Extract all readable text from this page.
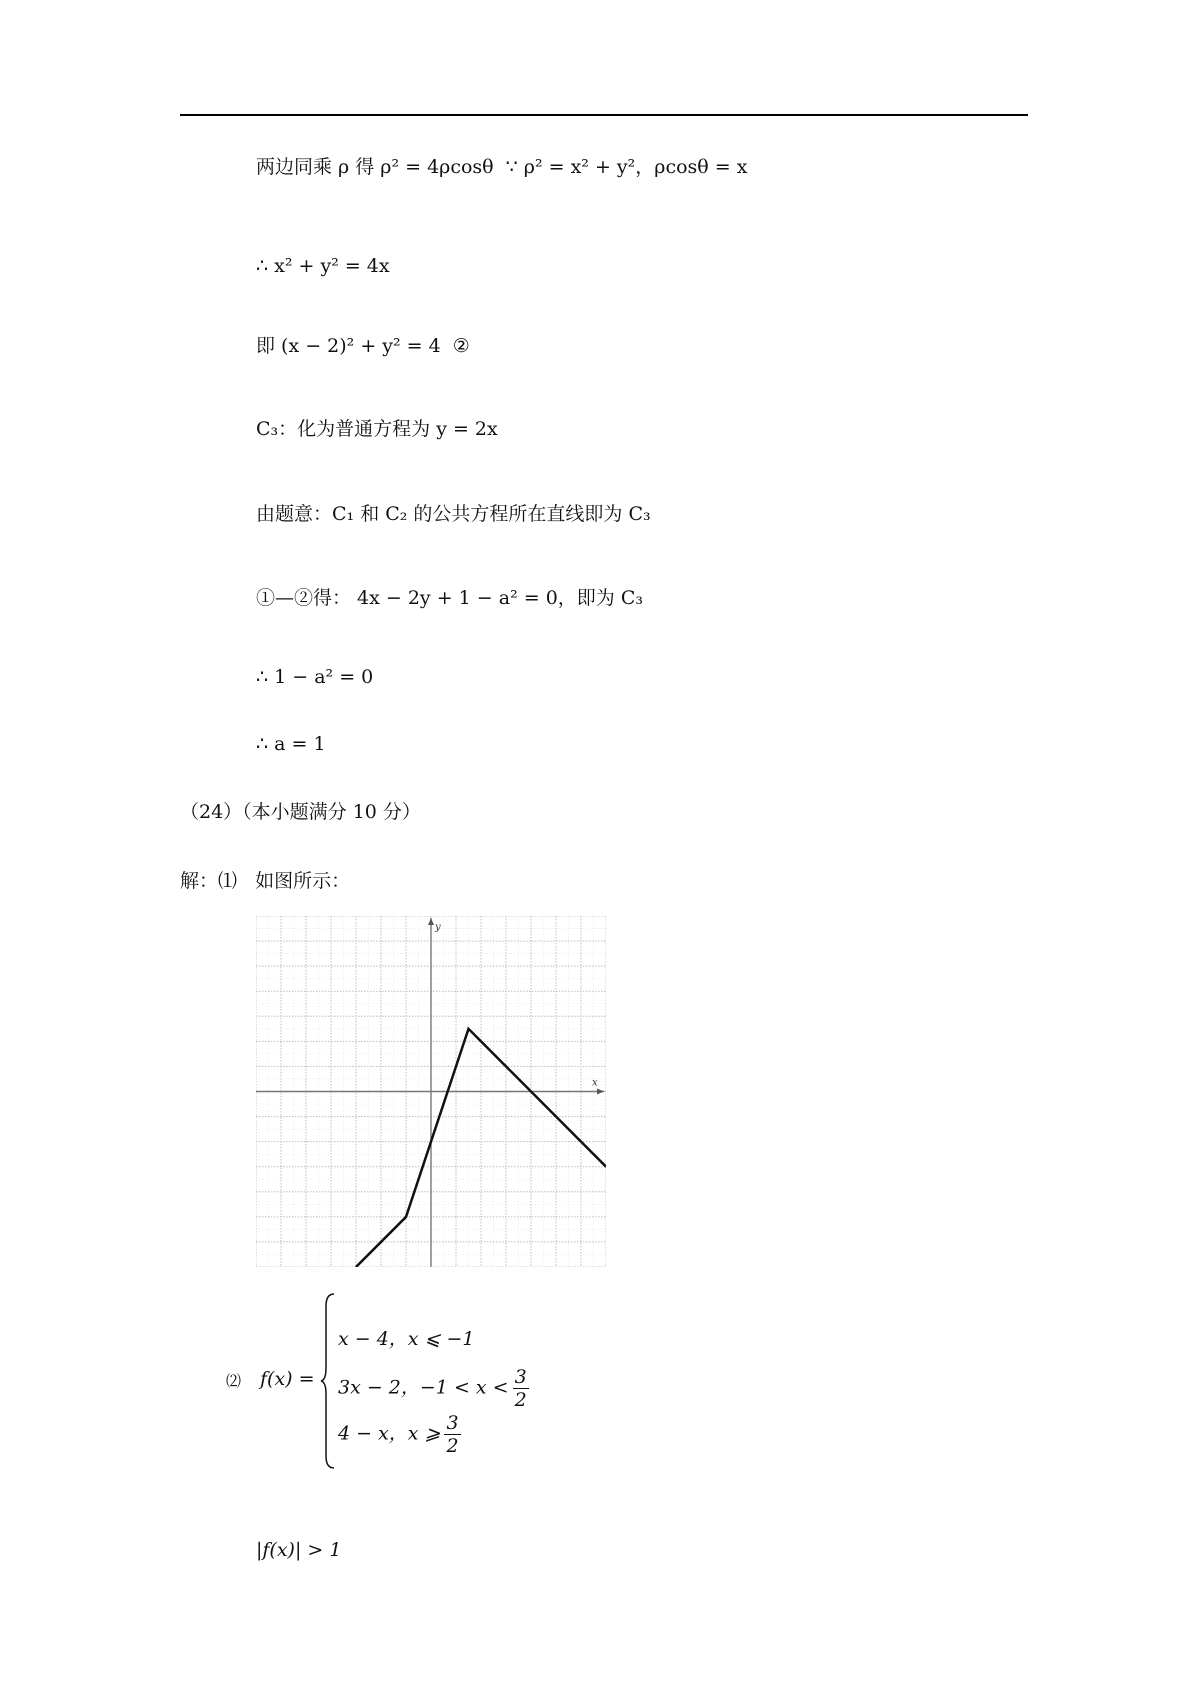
两边同乘 ρ 得 ρ² = 4ρcosθ  ∵ ρ² = x² + y²，ρcosθ = x
∴ x² + y² = 4x
即 (x − 2)² + y² = 4  ②
C₃：化为普通方程为 y = 2x
由题意：C₁ 和 C₂ 的公共方程所在直线即为 C₃
①—②得： 4x − 2y + 1 − a² = 0，即为 C₃
∴ 1 − a² = 0
∴ a = 1
（24）（本小题满分 10 分）
解：⑴   如图所示：
x
y
⑵ f(x) =
x − 4，x ⩽ −1
3x − 2，$-1 < x < \frac{3}{2}$
4 − x，x ⩾ $\frac{3}{2}$
|f(x)| > 1
